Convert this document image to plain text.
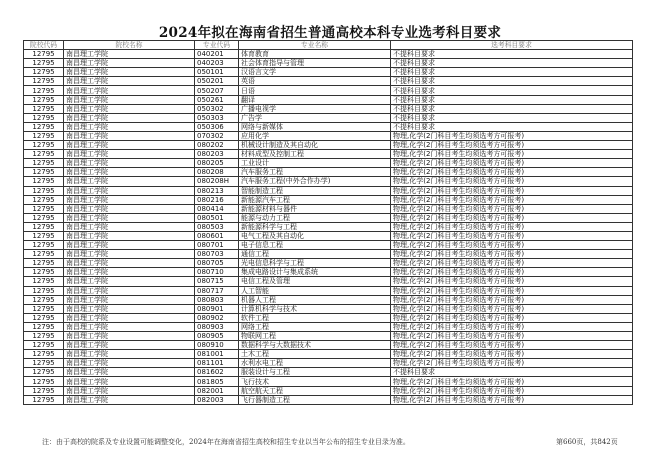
2024年拟在海南省招生普通高校本科专业选考科目要求
院校代码	院校名称	专业代码	专业名称	选考科目要求
12795	南昌理工学院	040201	体育教育	不提科目要求
12795	南昌理工学院	040203	社会体育指导与管理	不提科目要求
12795	南昌理工学院	050101	汉语言文学	不提科目要求
12795	南昌理工学院	050201	英语	不提科目要求
12795	南昌理工学院	050207	日语	不提科目要求
12795	南昌理工学院	050261	翻译	不提科目要求
12795	南昌理工学院	050302	广播电视学	不提科目要求
12795	南昌理工学院	050303	广告学	不提科目要求
12795	南昌理工学院	050306	网络与新媒体	不提科目要求
12795	南昌理工学院	070302	应用化学	物理,化学(2门科目考生均须选考方可报考)
12795	南昌理工学院	080202	机械设计制造及其自动化	物理,化学(2门科目考生均须选考方可报考)
12795	南昌理工学院	080203	材料成型及控制工程	物理,化学(2门科目考生均须选考方可报考)
12795	南昌理工学院	080205	工业设计	物理,化学(2门科目考生均须选考方可报考)
12795	南昌理工学院	080208	汽车服务工程	物理,化学(2门科目考生均须选考方可报考)
12795	南昌理工学院	080208H	汽车服务工程(中外合作办学)	物理,化学(2门科目考生均须选考方可报考)
12795	南昌理工学院	080213	智能制造工程	物理,化学(2门科目考生均须选考方可报考)
12795	南昌理工学院	080216	新能源汽车工程	物理,化学(2门科目考生均须选考方可报考)
12795	南昌理工学院	080414	新能源材料与器件	物理,化学(2门科目考生均须选考方可报考)
12795	南昌理工学院	080501	能源与动力工程	物理,化学(2门科目考生均须选考方可报考)
12795	南昌理工学院	080503	新能源科学与工程	物理,化学(2门科目考生均须选考方可报考)
12795	南昌理工学院	080601	电气工程及其自动化	物理,化学(2门科目考生均须选考方可报考)
12795	南昌理工学院	080701	电子信息工程	物理,化学(2门科目考生均须选考方可报考)
12795	南昌理工学院	080703	通信工程	物理,化学(2门科目考生均须选考方可报考)
12795	南昌理工学院	080705	光电信息科学与工程	物理,化学(2门科目考生均须选考方可报考)
12795	南昌理工学院	080710	集成电路设计与集成系统	物理,化学(2门科目考生均须选考方可报考)
12795	南昌理工学院	080715	电信工程及管理	物理,化学(2门科目考生均须选考方可报考)
12795	南昌理工学院	080717	人工智能	物理,化学(2门科目考生均须选考方可报考)
12795	南昌理工学院	080803	机器人工程	物理,化学(2门科目考生均须选考方可报考)
12795	南昌理工学院	080901	计算机科学与技术	物理,化学(2门科目考生均须选考方可报考)
12795	南昌理工学院	080902	软件工程	物理,化学(2门科目考生均须选考方可报考)
12795	南昌理工学院	080903	网络工程	物理,化学(2门科目考生均须选考方可报考)
12795	南昌理工学院	080905	物联网工程	物理,化学(2门科目考生均须选考方可报考)
12795	南昌理工学院	080910	数据科学与大数据技术	物理,化学(2门科目考生均须选考方可报考)
12795	南昌理工学院	081001	土木工程	物理,化学(2门科目考生均须选考方可报考)
12795	南昌理工学院	081101	水利水电工程	物理,化学(2门科目考生均须选考方可报考)
12795	南昌理工学院	081602	服装设计与工程	不提科目要求
12795	南昌理工学院	081805	飞行技术	物理,化学(2门科目考生均须选考方可报考)
12795	南昌理工学院	082001	航空航天工程	物理,化学(2门科目考生均须选考方可报考)
12795	南昌理工学院	082003	飞行器制造工程	物理,化学(2门科目考生均须选考方可报考)
注：由于高校的院系及专业设置可能调整变化，2024年在海南省招生高校和招生专业以当年公布的招生专业目录为准。	第660页，共842页
